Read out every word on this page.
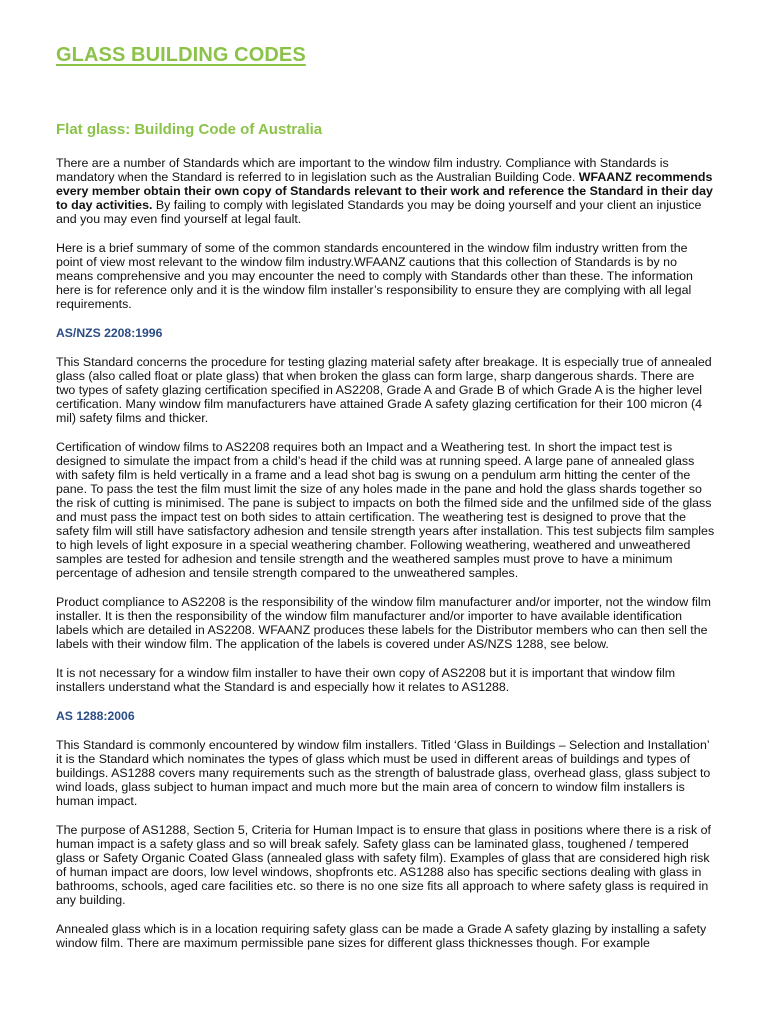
GLASS BUILDING CODES
Flat glass: Building Code of Australia

There are a number of Standards which are important to the window film industry. Compliance with Standards is mandatory when the Standard is referred to in legislation such as the Australian Building Code. WFAANZ recommends every member obtain their own copy of Standards relevant to their work and reference the Standard in their day to day activities. By failing to comply with legislated Standards you may be doing yourself and your client an injustice and you may even find yourself at legal fault.

Here is a brief summary of some of the common standards encountered in the window film industry written from the point of view most relevant to the window film industry.WFAANZ cautions that this collection of Standards is by no means comprehensive and you may encounter the need to comply with Standards other than these. The information here is for reference only and it is the window film installer’s responsibility to ensure they are complying with all legal requirements.

AS/NZS 2208:1996

This Standard concerns the procedure for testing glazing material safety after breakage. It is especially true of annealed glass (also called float or plate glass) that when broken the glass can form large, sharp dangerous shards. There are two types of safety glazing certification specified in AS2208, Grade A and Grade B of which Grade A is the higher level certification. Many window film manufacturers have attained Grade A safety glazing certification for their 100 micron (4 mil) safety films and thicker.

Certification of window films to AS2208 requires both an Impact and a Weathering test. In short the impact test is designed to simulate the impact from a child’s head if the child was at running speed. A large pane of annealed glass with safety film is held vertically in a frame and a lead shot bag is swung on a pendulum arm hitting the center of the pane. To pass the test the film must limit the size of any holes made in the pane and hold the glass shards together so the risk of cutting is minimised. The pane is subject to impacts on both the filmed side and the unfilmed side of the glass and must pass the impact test on both sides to attain certification. The weathering test is designed to prove that the safety film will still have satisfactory adhesion and tensile strength years after installation. This test subjects film samples to high levels of light exposure in a special weathering chamber. Following weathering, weathered and unweathered samples are tested for adhesion and tensile strength and the weathered samples must prove to have a minimum percentage of adhesion and tensile strength compared to the unweathered samples.

Product compliance to AS2208 is the responsibility of the window film manufacturer and/or importer, not the window film installer. It is then the responsibility of the window film manufacturer and/or importer to have available identification labels which are detailed in AS2208. WFAANZ produces these labels for the Distributor members who can then sell the labels with their window film. The application of the labels is covered under AS/NZS 1288, see below.

It is not necessary for a window film installer to have their own copy of AS2208 but it is important that window film installers understand what the Standard is and especially how it relates to AS1288.

AS 1288:2006

This Standard is commonly encountered by window film installers. Titled ‘Glass in Buildings – Selection and Installation’ it is the Standard which nominates the types of glass which must be used in different areas of buildings and types of buildings. AS1288 covers many requirements such as the strength of balustrade glass, overhead glass, glass subject to wind loads, glass subject to human impact and much more but the main area of concern to window film installers is human impact.

The purpose of AS1288, Section 5, Criteria for Human Impact is to ensure that glass in positions where there is a risk of human impact is a safety glass and so will break safely. Safety glass can be laminated glass, toughened / tempered glass or Safety Organic Coated Glass (annealed glass with safety film). Examples of glass that are considered high risk of human impact are doors, low level windows, shopfronts etc. AS1288 also has specific sections dealing with glass in bathrooms, schools, aged care facilities etc. so there is no one size fits all approach to where safety glass is required in any building.

Annealed glass which is in a location requiring safety glass can be made a Grade A safety glazing by installing a safety window film. There are maximum permissible pane sizes for different glass thicknesses though. For example
